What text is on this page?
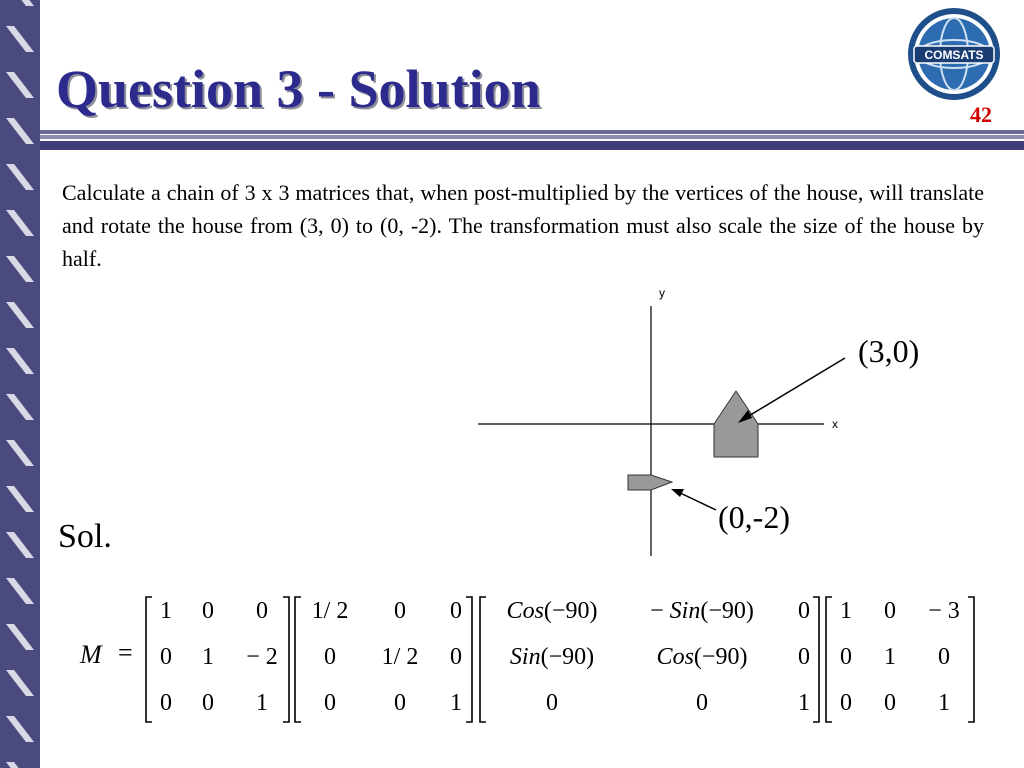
Question 3 - Solution
COMSATS
42
Calculate a chain of 3 x 3 matrices that, when post-multiplied by the vertices of the house, will translate and rotate the house from (3, 0) to (0, -2). The transformation must also scale the size of the house by half.
x
y
(3,0)
(0,-2)
Sol.
M =
1 0 0
0 1 − 2
0 0 1
1/ 2 0 0
0 1/ 2 0
0 0 1
Cos(−90) − Sin(−90) 0
Sin(−90)	Cos(−90) 0
0	0	1
1 0 − 3
0 1 0
0 0 1
